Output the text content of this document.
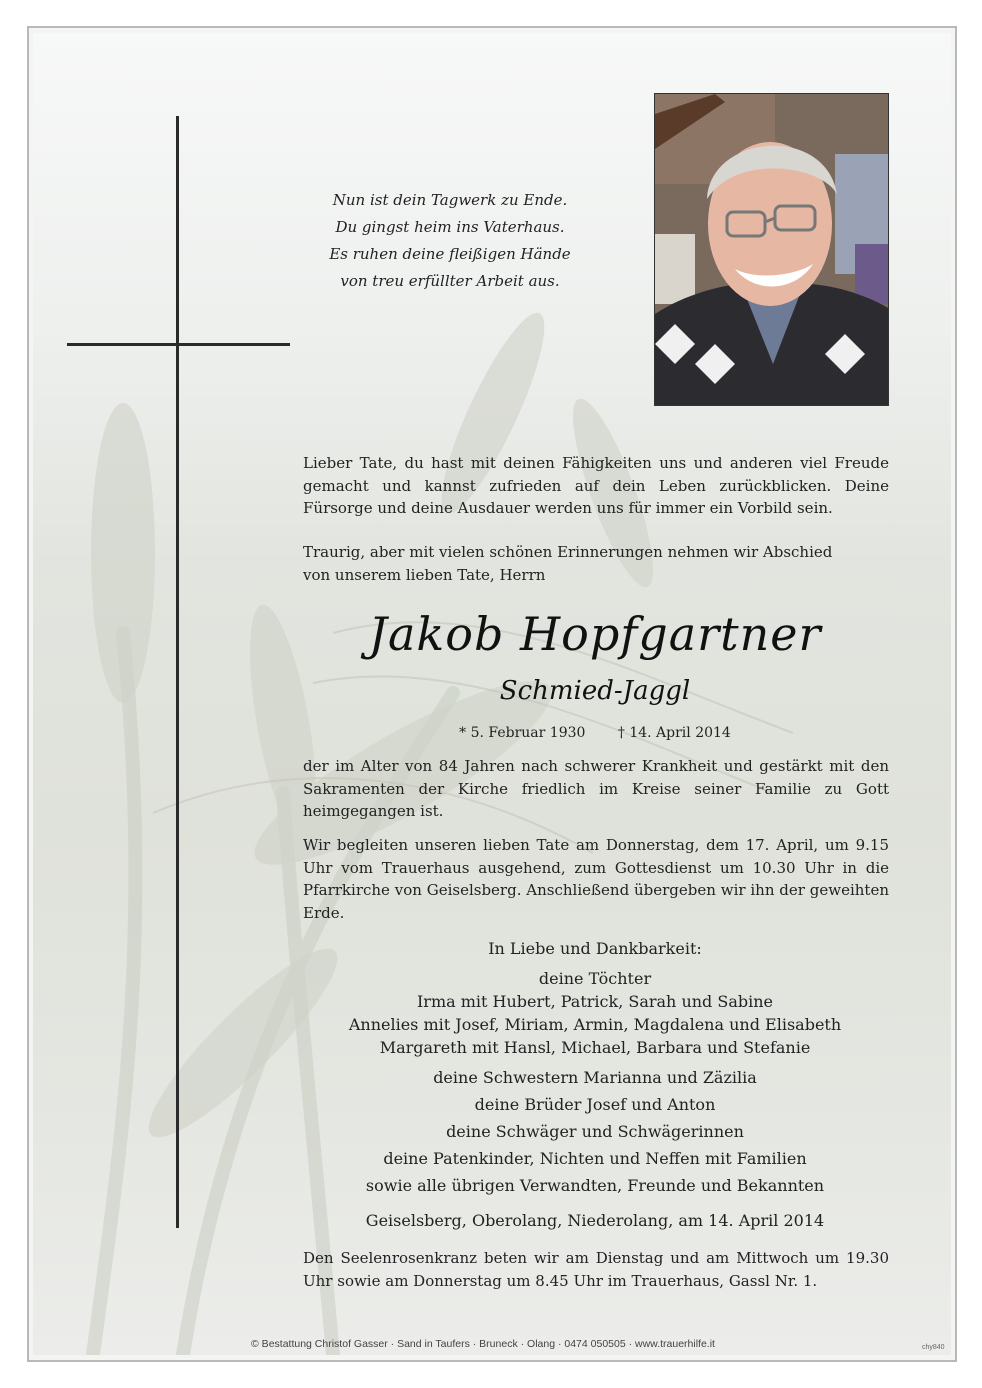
Nun ist dein Tagwerk zu Ende.
Du gingst heim ins Vaterhaus.
Es ruhen deine fleißigen Hände
von treu erfüllter Arbeit aus.
Lieber Tate, du hast mit deinen Fähigkeiten uns und anderen viel Freude gemacht und kannst zufrieden auf dein Leben zurückblicken. Deine Fürsorge und deine Ausdauer werden uns für immer ein Vorbild sein.
Traurig, aber mit vielen schönen Erinnerungen nehmen wir Abschied
von unserem lieben Tate, Herrn
Jakob Hopfgartner
Schmied-Jaggl
* 5. Februar 1930 † 14. April 2014
der im Alter von 84 Jahren nach schwerer Krankheit und gestärkt mit den Sakramenten der Kirche friedlich im Kreise seiner Familie zu Gott heimgegangen ist.
Wir begleiten unseren lieben Tate am Donnerstag, dem 17. April, um 9.15 Uhr vom Trauerhaus ausgehend, zum Gottesdienst um 10.30 Uhr in die Pfarrkirche von Geiselsberg. Anschließend übergeben wir ihn der geweihten Erde.
In Liebe und Dankbarkeit:
deine Töchter
Irma mit Hubert, Patrick, Sarah und Sabine
Annelies mit Josef, Miriam, Armin, Magdalena und Elisabeth
Margareth mit Hansl, Michael, Barbara und Stefanie
deine Schwestern Marianna und Zäzilia
deine Brüder Josef und Anton
deine Schwäger und Schwägerinnen
deine Patenkinder, Nichten und Neffen mit Familien
sowie alle übrigen Verwandten, Freunde und Bekannten
Geiselsberg, Oberolang, Niederolang, am 14. April 2014
Den Seelenrosenkranz beten wir am Dienstag und am Mittwoch um 19.30 Uhr sowie am Donnerstag um 8.45 Uhr im Trauerhaus, Gassl Nr. 1.
© Bestattung Christof Gasser · Sand in Taufers · Bruneck · Olang · 0474 050505 · www.trauerhilfe.it	chy840
